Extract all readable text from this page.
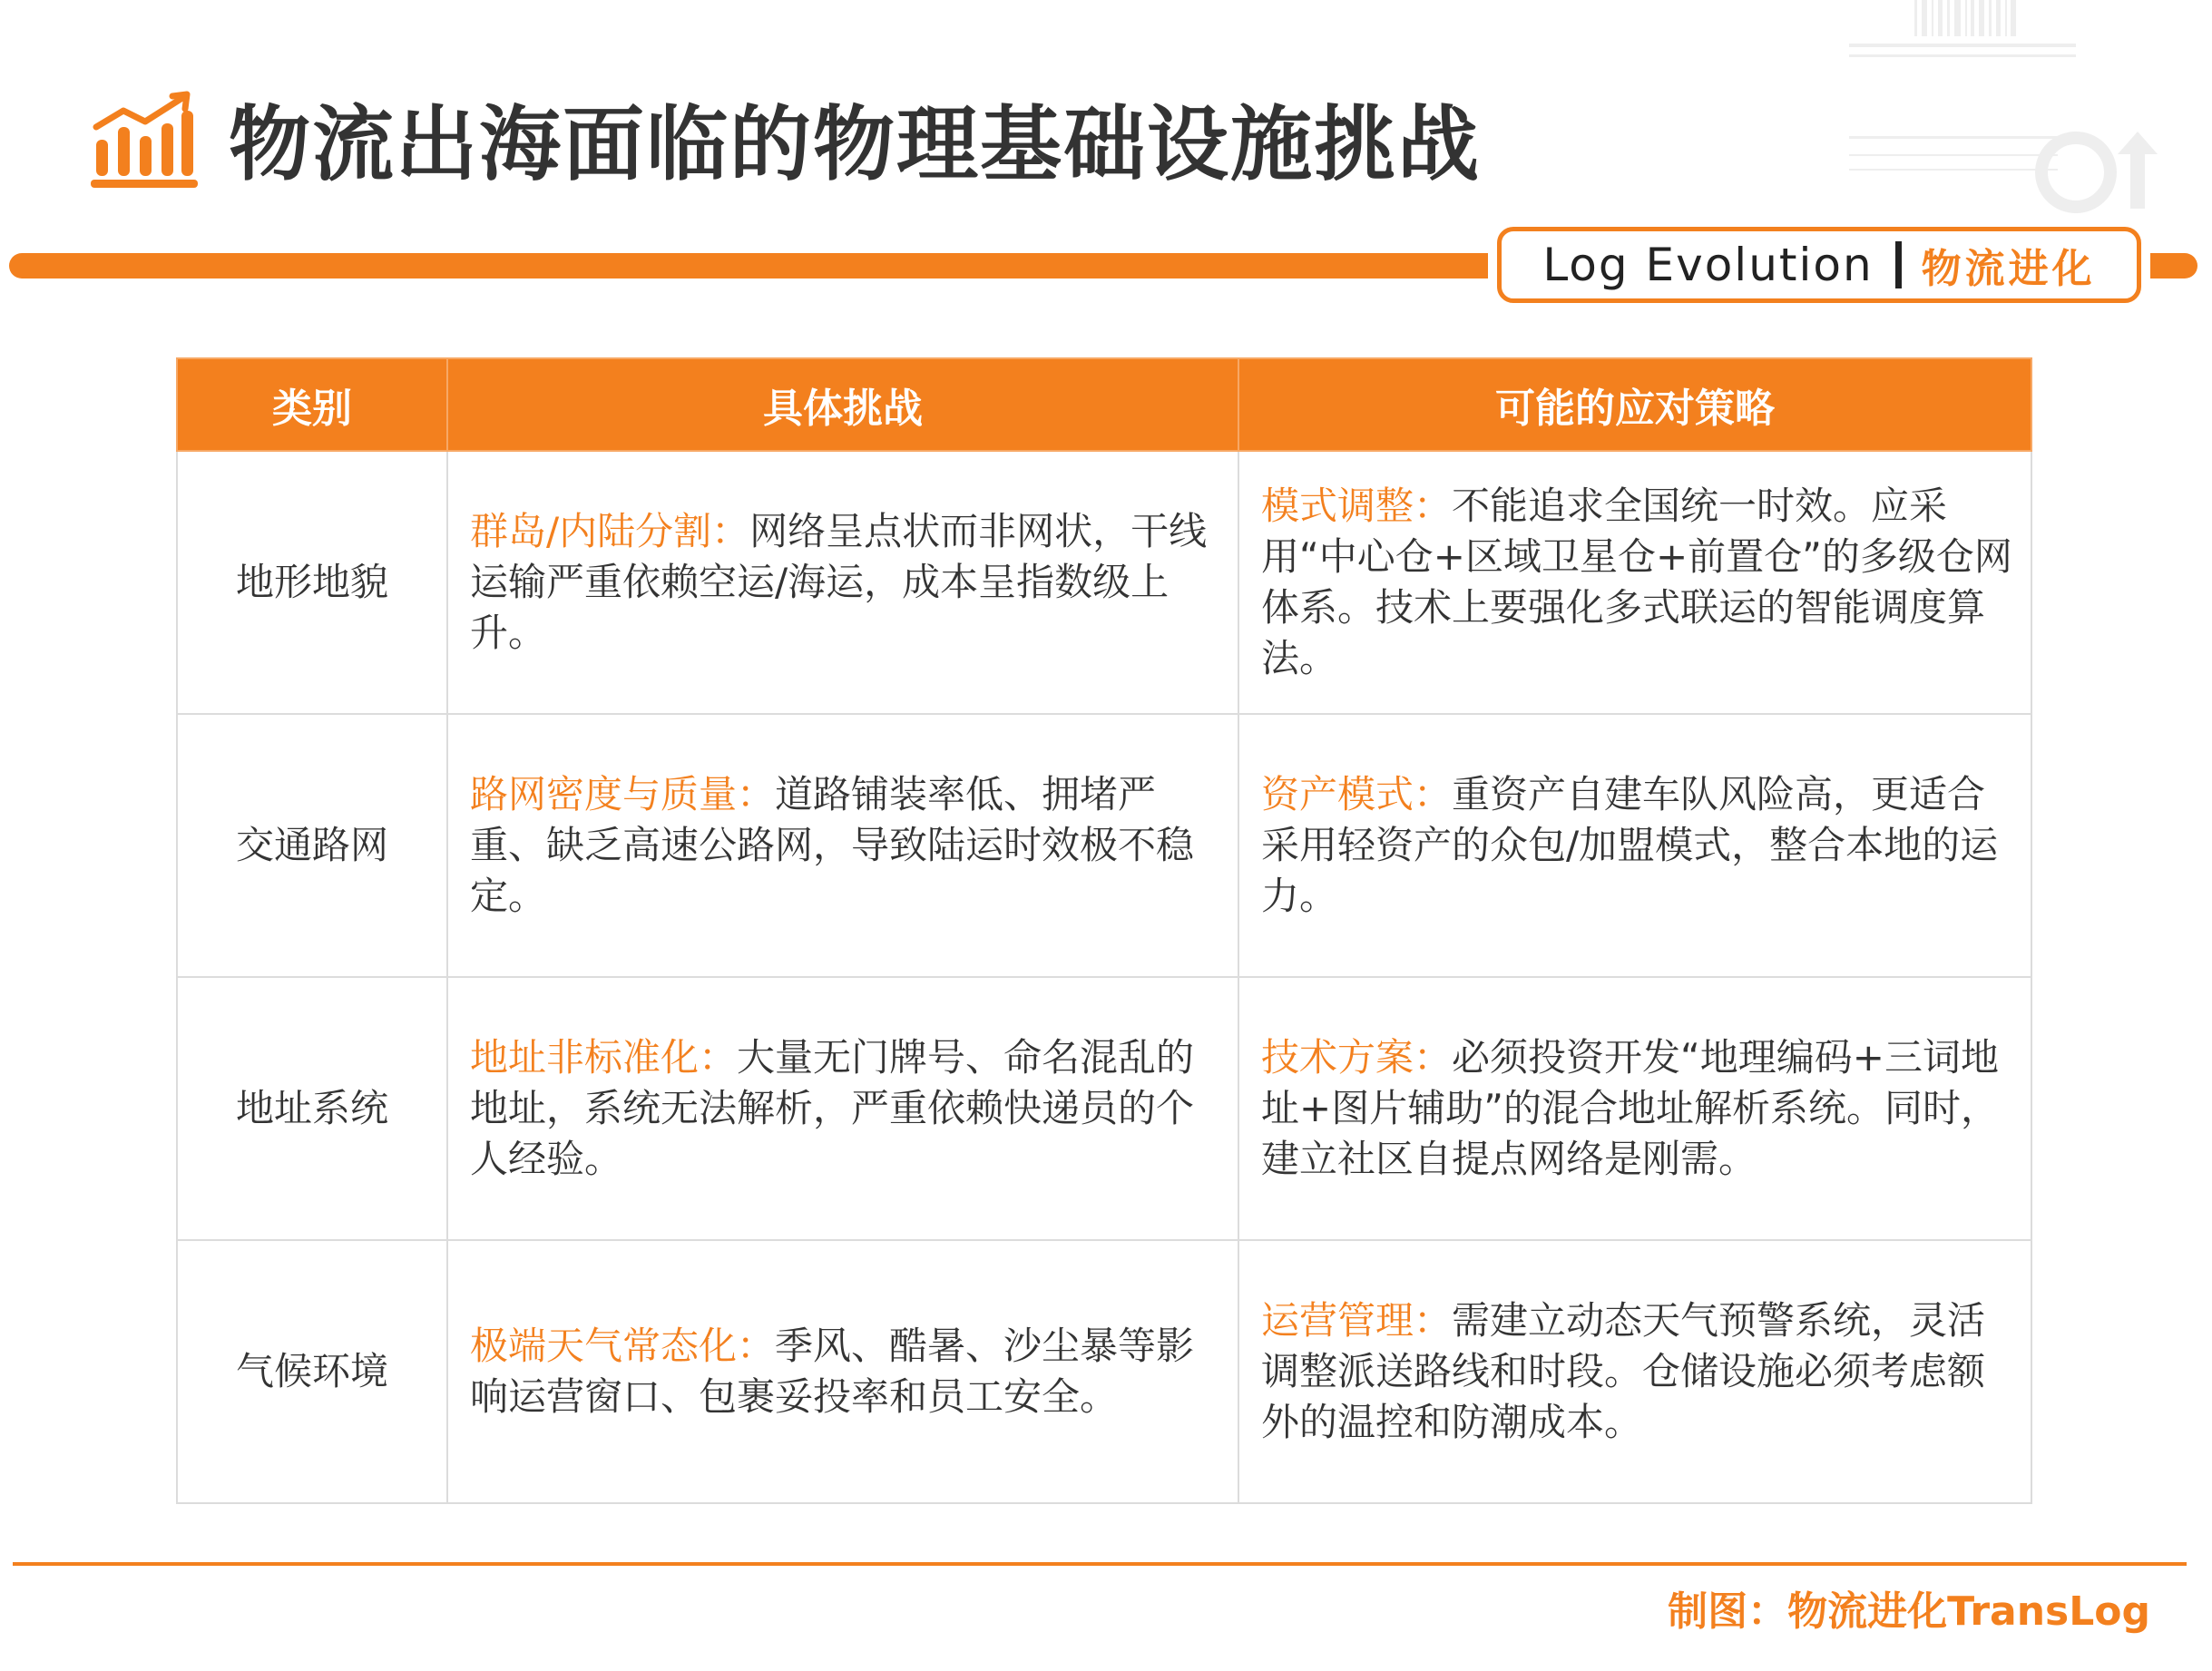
物流出海面临的物理基础设施挑战
Log Evolution 物流进化
类别	具体挑战	可能的应对策略
地形地貌	群岛/内陆分割：网络呈点状而非网状，干线运输严重依赖空运/海运，成本呈指数级上升。	模式调整：不能追求全国统一时效。应采用“中心仓+区域卫星仓+前置仓”的多级仓网体系。技术上要强化多式联运的智能调度算法。
交通路网	路网密度与质量：道路铺装率低、拥堵严重、缺乏高速公路网，导致陆运时效极不稳定。	资产模式：重资产自建车队风险高，更适合采用轻资产的众包/加盟模式，整合本地的运力。
地址系统	地址非标准化：大量无门牌号、命名混乱的地址，系统无法解析，严重依赖快递员的个人经验。	技术方案：必须投资开发“地理编码+三词地址+图片辅助”的混合地址解析系统。同时，建立社区自提点网络是刚需。
气候环境	极端天气常态化：季风、酷暑、沙尘暴等影响运营窗口、包裹妥投率和员工安全。	运营管理：需建立动态天气预警系统，灵活调整派送路线和时段。仓储设施必须考虑额外的温控和防潮成本。
制图：物流进化TransLog
